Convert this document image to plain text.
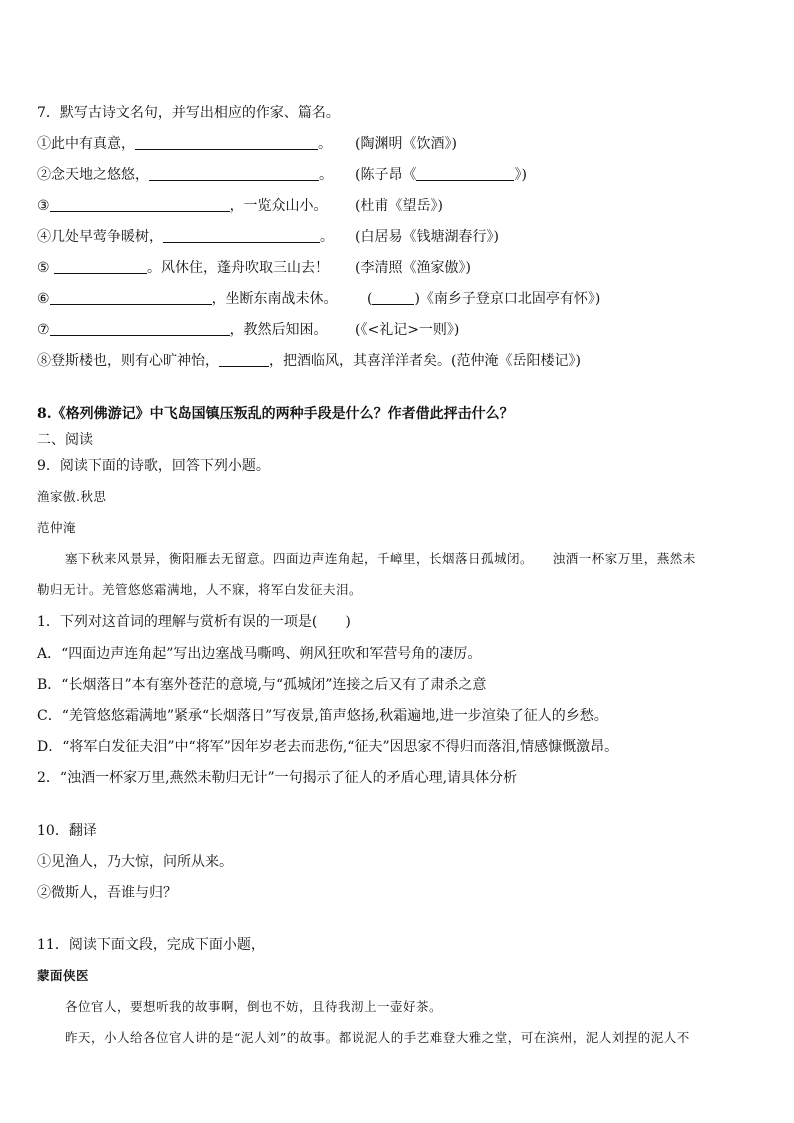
7．默写古诗文名句，并写出相应的作家、篇名。
①此中有真意，	。 (陶渊明《饮酒》)
②念天地之悠悠，	。 (陈子昂《	》)
③	，一览众山小。 (杜甫《望岳》)
④几处早莺争暖树，	。 (白居易《钱塘湖春行》)
⑤	。风休住，蓬舟吹取三山去！ (李清照《渔家傲》)
⑥	，坐断东南战未休。 (	)《南乡子登京口北固亭有怀》)
⑦	，教然后知困。 (《<礼记>一则》)
⑧登斯楼也，则有心旷神怡，	，把酒临风，其喜洋洋者矣。(范仲淹《岳阳楼记》)
8.《格列佛游记》中飞岛国镇压叛乱的两种手段是什么？作者借此抨击什么？
二、阅读
9．阅读下面的诗歌，回答下列小题。
渔家傲.秋思
范仲淹
塞下秋来风景异，衡阳雁去无留意。四面边声连角起，千嶂里，长烟落日孤城闭。　　浊酒一杯家万里，燕然未
勒归无计。羌管悠悠霜满地，人不寐，将军白发征夫泪。
1．下列对这首词的理解与赏析有误的一项是(　　)
A．“四面边声连角起”写出边塞战马嘶鸣、朔风狂吹和军营号角的凄厉。
B．“长烟落日”本有塞外苍茫的意境,与“孤城闭”连接之后又有了肃杀之意
C．“羌管悠悠霜满地”紧承“长烟落日”写夜景,笛声悠扬,秋霜遍地,进一步渲染了征人的乡愁。
D．“将军白发征夫泪”中“将军”因年岁老去而悲伤,“征夫”因思家不得归而落泪,情感慷慨激昂。
2．“浊酒一杯家万里,燕然未勒归无计”一句揭示了征人的矛盾心理,请具体分析
10．翻译
①见渔人，乃大惊，问所从来。
②微斯人，吾谁与归？
11．阅读下面文段，完成下面小题，
蒙面侠医
各位官人，要想听我的故事啊，倒也不妨，且待我沏上一壶好茶。
昨天，小人给各位官人讲的是“泥人刘”的故事。都说泥人的手艺难登大雅之堂，可在滨州，泥人刘捏的泥人不
